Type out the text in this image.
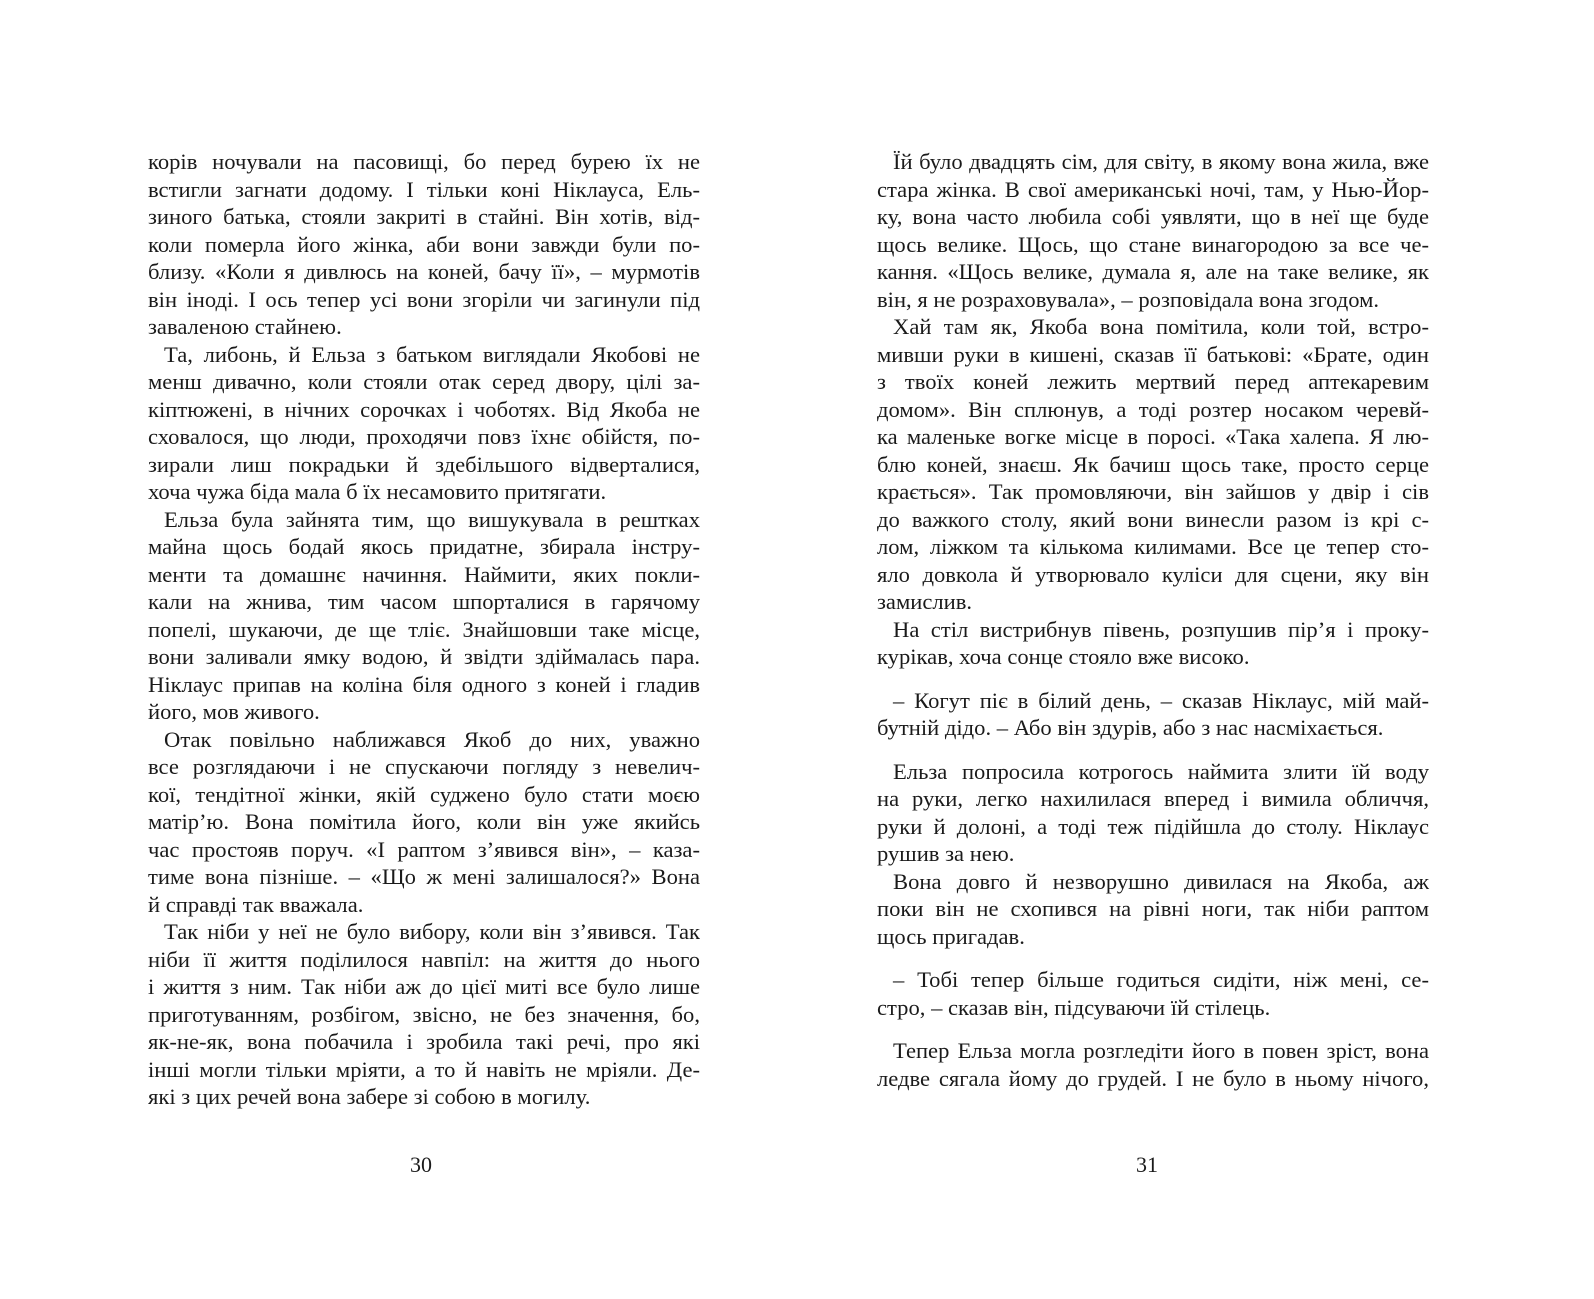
корів ночували на пасовищі, бо перед бурею їх не
встигли загнати додому. І тільки коні Ніклауса, Ель-
зиного батька, стояли закриті в стайні. Він хотів, від-
коли померла його жінка, аби вони завжди були по-
близу. «Коли я дивлюсь на коней, бачу її», – мурмотів
він іноді. І ось тепер усі вони згоріли чи загинули під
заваленою стайнею.
Та, либонь, й Ельза з батьком виглядали Якобові не
менш дивачно, коли стояли отак серед двору, цілі за-
кіптюжені, в нічних сорочках і чоботях. Від Якоба не
сховалося, що люди, проходячи повз їхнє обійстя, по-
зирали лиш покрадьки й здебільшого відверталися,
хоча чужа біда мала б їх несамовито притягати.
Ельза була зайнята тим, що вишукувала в рештках
майна щось бодай якось придатне, збирала інстру-
менти та домашнє начиння. Наймити, яких покли-
кали на жнива, тим часом шпорталися в гарячому
попелі, шукаючи, де ще тліє. Знайшовши таке місце,
вони заливали ямку водою, й звідти здіймалась пара.
Ніклаус припав на коліна біля одного з коней і гладив
його, мов живого.
Отак повільно наближався Якоб до них, уважно
все розглядаючи і не спускаючи погляду з невелич-
кої, тендітної жінки, якій суджено було стати моєю
матір’ю. Вона помітила його, коли він уже якийсь
час простояв поруч. «І раптом з’явився він», – каза-
тиме вона пізніше. – «Що ж мені залишалося?» Вона
й справді так вважала.
Так ніби у неї не було вибору, коли він з’явився. Так
ніби її життя поділилося навпіл: на життя до нього
і життя з ним. Так ніби аж до цієї миті все було лише
приготуванням, розбігом, звісно, не без значення, бо,
як-не-як, вона побачила і зробила такі речі, про які
інші могли тільки мріяти, а то й навіть не мріяли. Де-
які з цих речей вона забере зі собою в могилу.
30
Їй було двадцять сім, для світу, в якому вона жила, вже
стара жінка. В свої американські ночі, там, у Нью-Йор-
ку, вона часто любила собі уявляти, що в неї ще буде
щось велике. Щось, що стане винагородою за все че-
кання. «Щось велике, думала я, але на таке велике, як
він, я не розраховувала», – розповідала вона згодом.
Хай там як, Якоба вона помітила, коли той, встро-
мивши руки в кишені, сказав її батькові: «Брате, один
з твоїх коней лежить мертвий перед аптекаревим
домом». Він сплюнув, а тоді розтер носаком черевй-
ка маленьке вогке місце в поросі. «Така халепа. Я лю-
блю коней, знаєш. Як бачиш щось таке, просто серце
крається». Так промовляючи, він зайшов у двір і сів
до важкого столу, який вони винесли разом із крі с-
лом, ліжком та кількома килимами. Все це тепер сто-
яло довкола й утворювало куліси для сцени, яку він
замислив.
На стіл вистрибнув півень, розпушив пір’я і проку-
курікав, хоча сонце стояло вже високо.
– Когут піє в білий день, – сказав Ніклаус, мій май-
бутній дідо. – Або він здурів, або з нас насміхається.
Ельза попросила котрогось наймита злити їй воду
на руки, легко нахилилася вперед і вимила обличчя,
руки й долоні, а тоді теж підійшла до столу. Ніклаус
рушив за нею.
Вона довго й незворушно дивилася на Якоба, аж
поки він не схопився на рівні ноги, так ніби раптом
щось пригадав.
– Тобі тепер більше годиться сидіти, ніж мені, се-
стро, – сказав він, підсуваючи їй стілець.
Тепер Ельза могла розгледіти його в повен зріст, вона
ледве сягала йому до грудей. І не було в ньому нічого,
31
